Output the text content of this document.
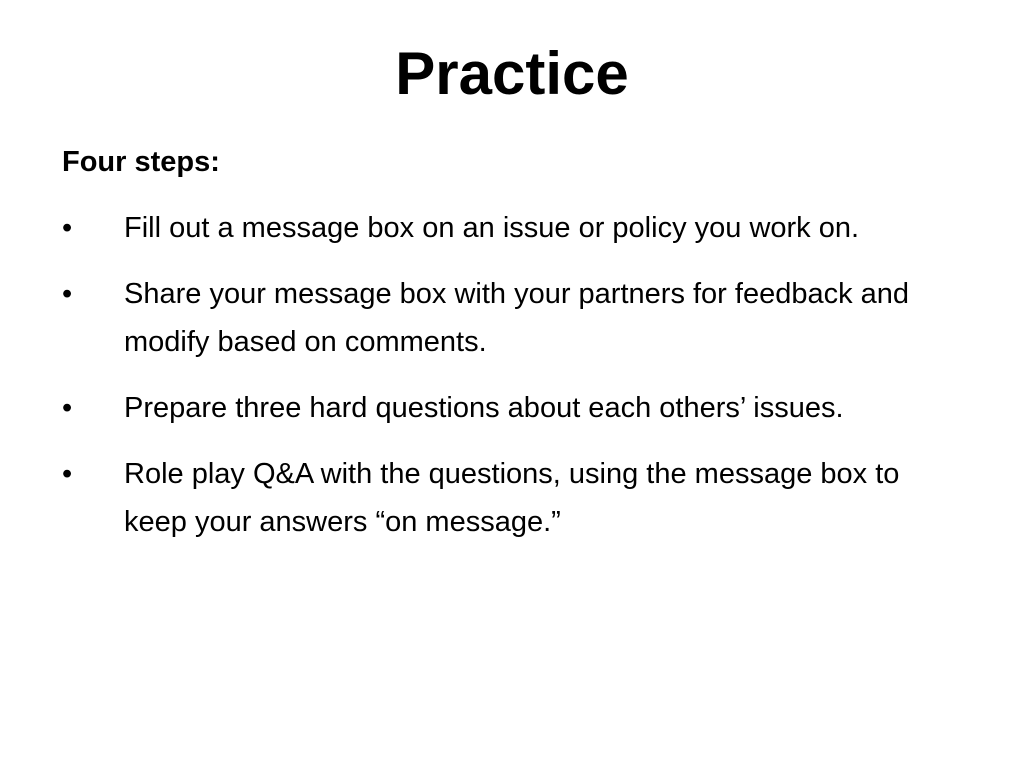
Practice
Four steps:
•	Fill out a message box on an issue or policy you work on.
•	Share your message box with your partners for feedback and modify based on comments.
•	Prepare three hard questions about each others’ issues.
•	Role play Q&A with the questions, using the message box to keep your answers “on message.”
